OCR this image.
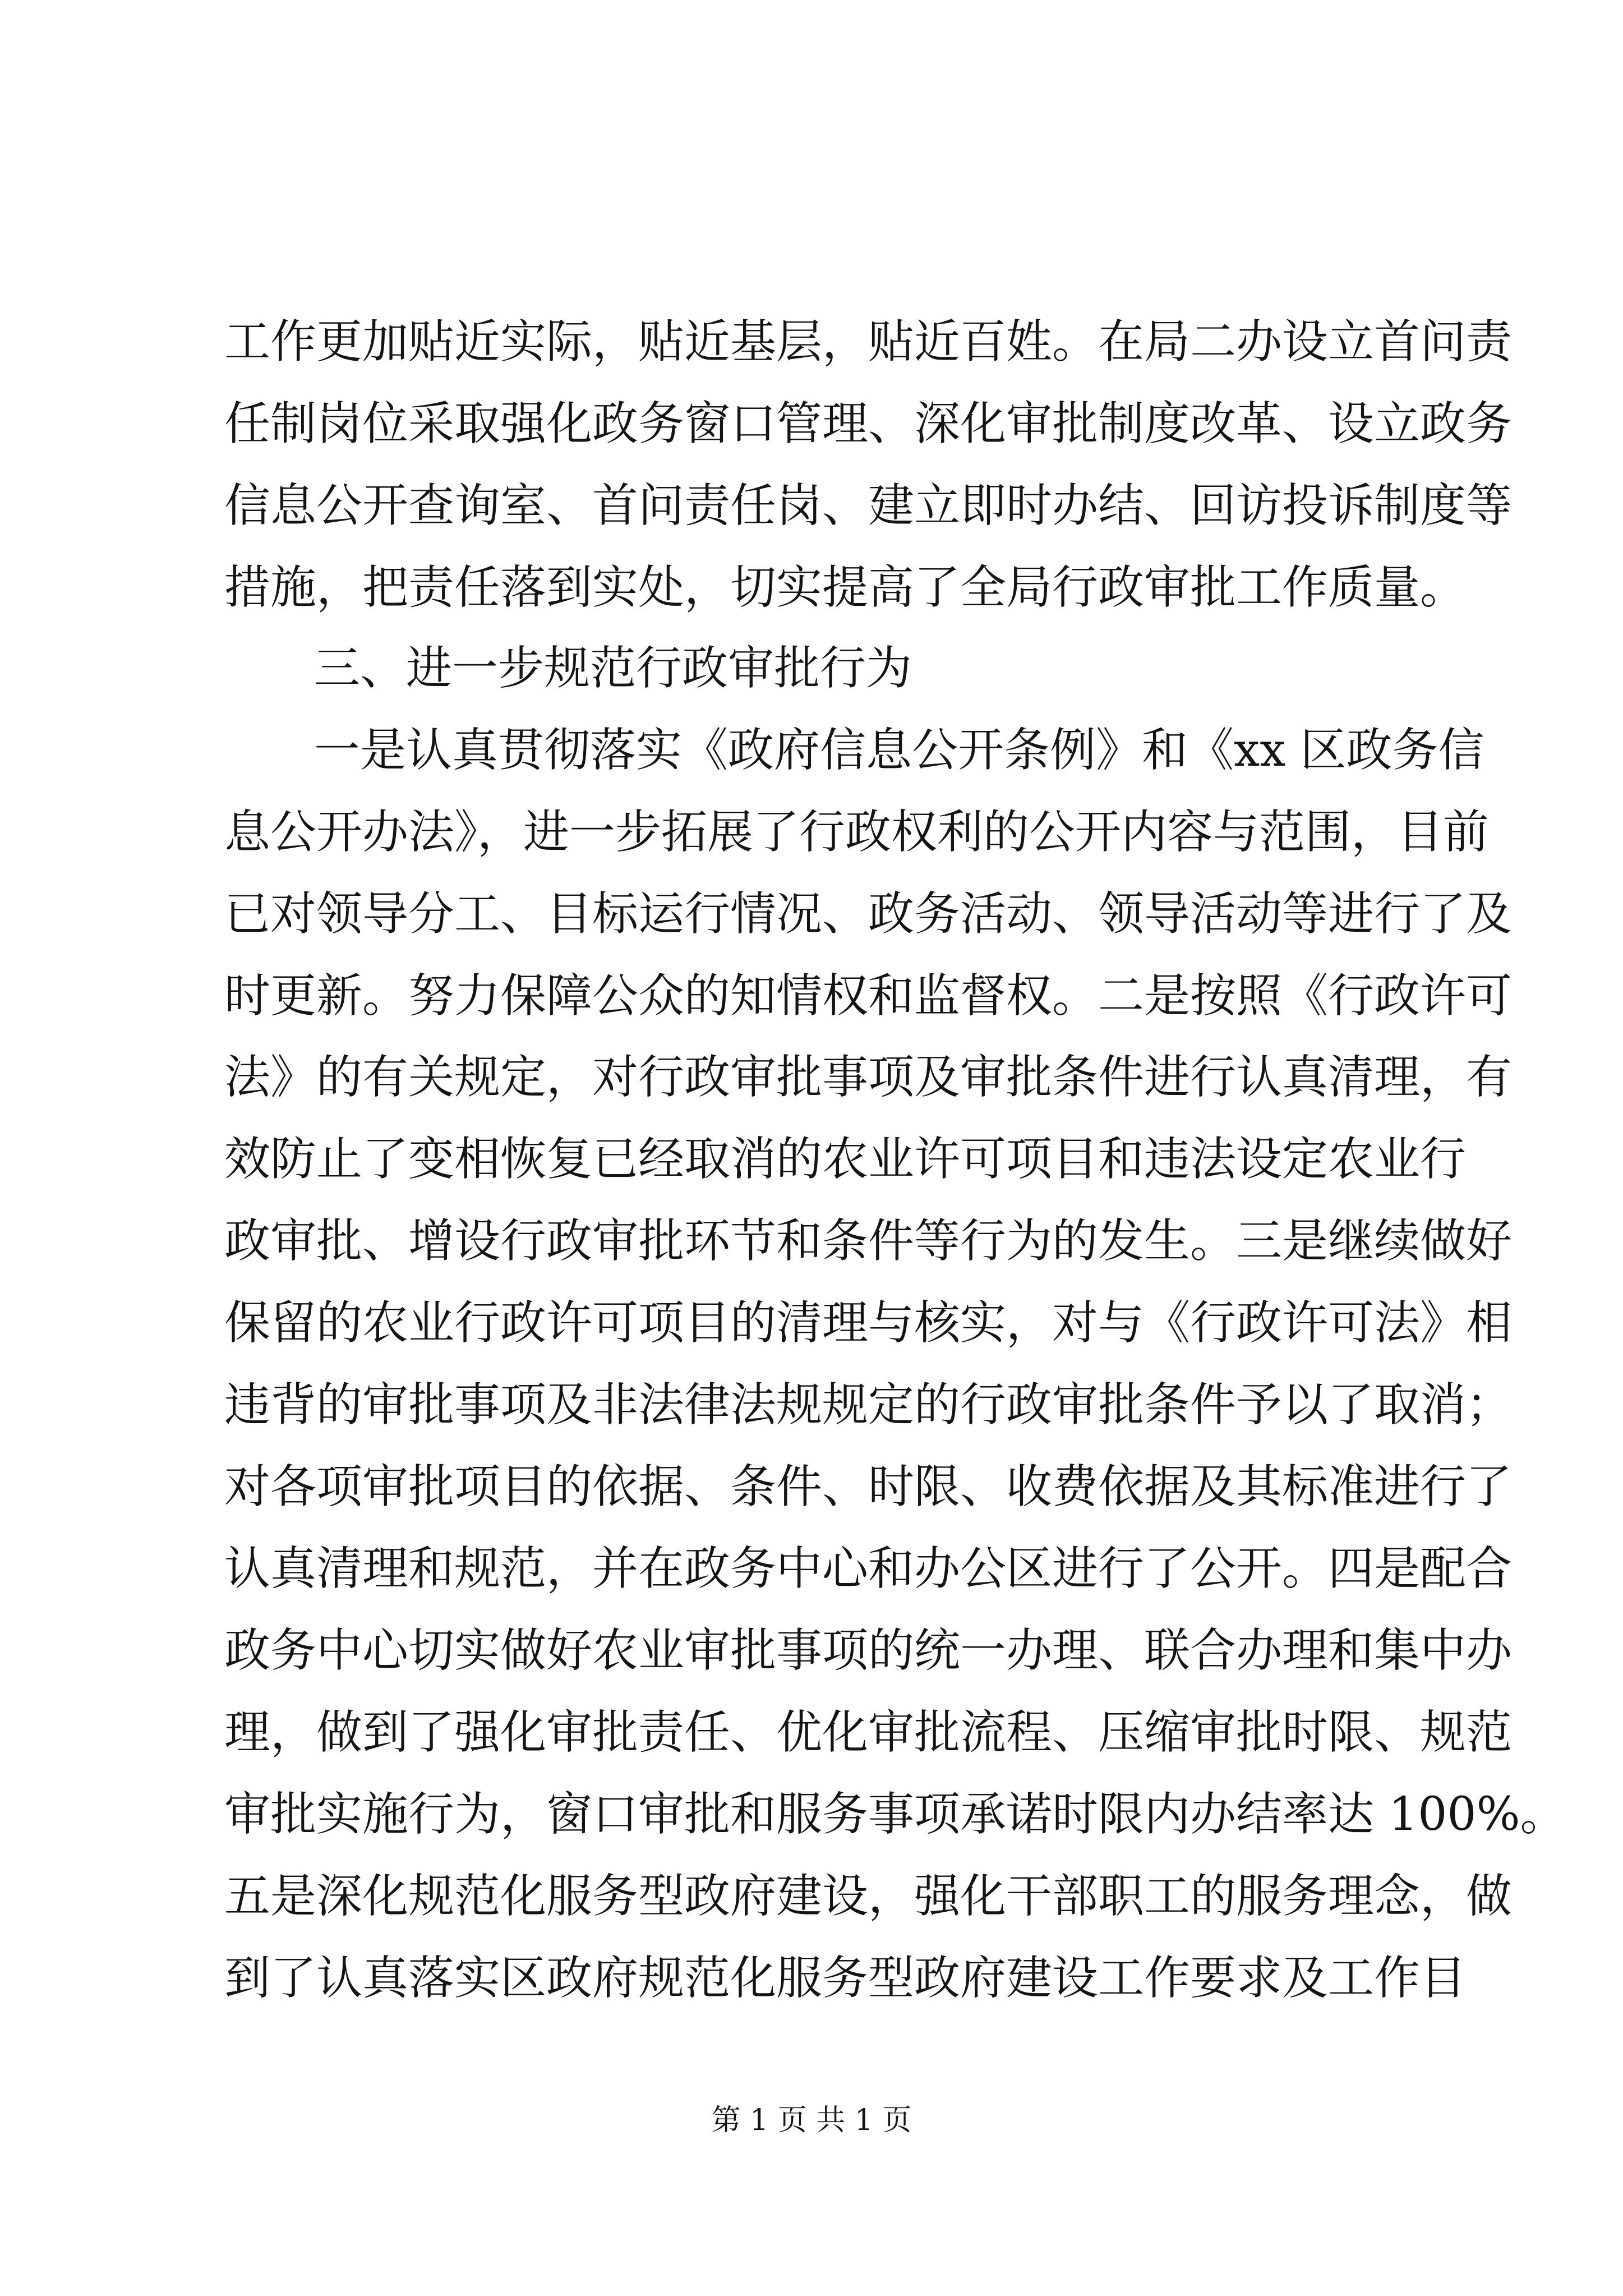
工作更加贴近实际，贴近基层，贴近百姓。在局二办设立首问责
任制岗位采取强化政务窗口管理、深化审批制度改革、设立政务
信息公开查询室、首问责任岗、建立即时办结、回访投诉制度等
措施，把责任落到实处，切实提高了全局行政审批工作质量。
三、进一步规范行政审批行为
一是认真贯彻落实《政府信息公开条例》和《xx 区政务信
息公开办法》，进一步拓展了行政权利的公开内容与范围，目前
已对领导分工、目标运行情况、政务活动、领导活动等进行了及
时更新。努力保障公众的知情权和监督权。二是按照《行政许可
法》的有关规定，对行政审批事项及审批条件进行认真清理，有
效防止了变相恢复已经取消的农业许可项目和违法设定农业行
政审批、增设行政审批环节和条件等行为的发生。三是继续做好
保留的农业行政许可项目的清理与核实，对与《行政许可法》相
违背的审批事项及非法律法规规定的行政审批条件予以了取消；
对各项审批项目的依据、条件、时限、收费依据及其标准进行了
认真清理和规范，并在政务中心和办公区进行了公开。四是配合
政务中心切实做好农业审批事项的统一办理、联合办理和集中办
理，做到了强化审批责任、优化审批流程、压缩审批时限、规范
审批实施行为，窗口审批和服务事项承诺时限内办结率达 100%。
五是深化规范化服务型政府建设，强化干部职工的服务理念，做
到了认真落实区政府规范化服务型政府建设工作要求及工作目
第 1 页 共 1 页
